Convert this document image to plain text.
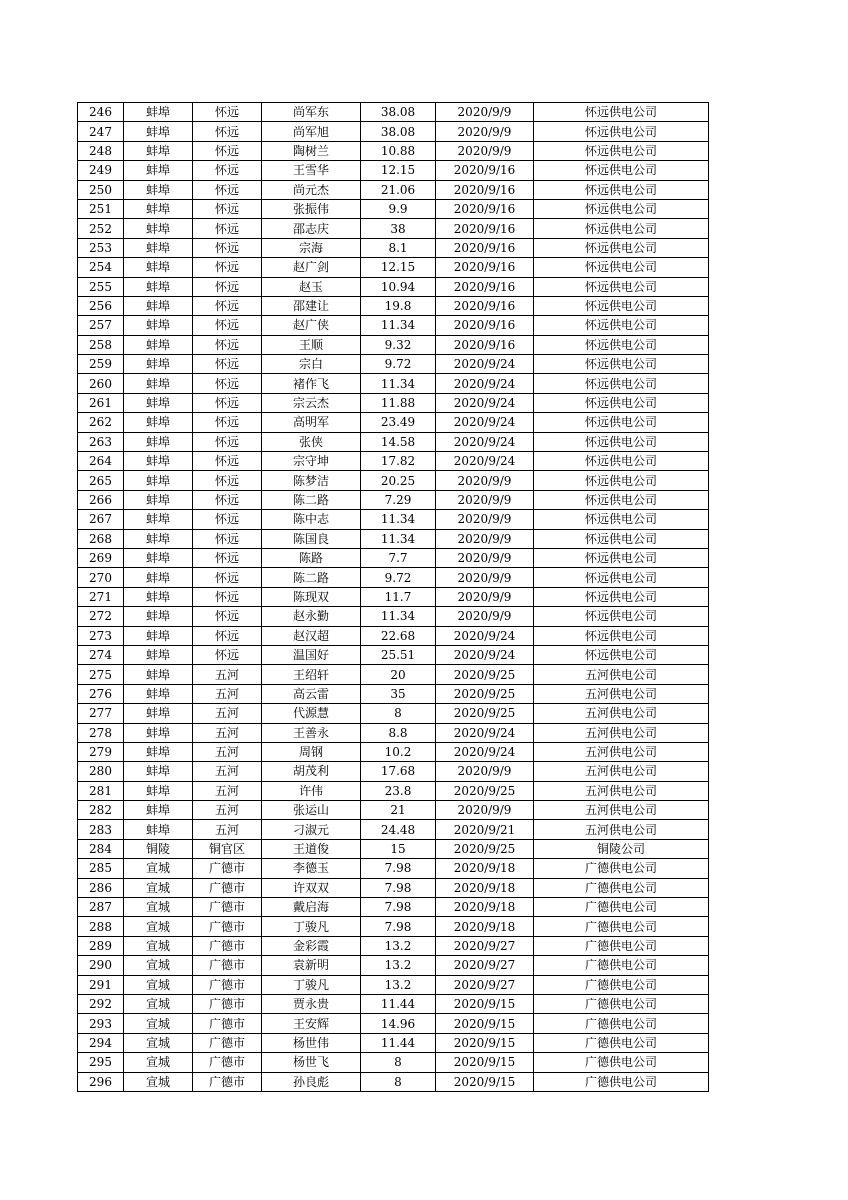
246	蚌埠	怀远	尚军东	38.08	2020/9/9	怀远供电公司
247	蚌埠	怀远	尚军旭	38.08	2020/9/9	怀远供电公司
248	蚌埠	怀远	陶树兰	10.88	2020/9/9	怀远供电公司
249	蚌埠	怀远	王雪华	12.15	2020/9/16	怀远供电公司
250	蚌埠	怀远	尚元杰	21.06	2020/9/16	怀远供电公司
251	蚌埠	怀远	张振伟	9.9	2020/9/16	怀远供电公司
252	蚌埠	怀远	邵志庆	38	2020/9/16	怀远供电公司
253	蚌埠	怀远	宗海	8.1	2020/9/16	怀远供电公司
254	蚌埠	怀远	赵广剑	12.15	2020/9/16	怀远供电公司
255	蚌埠	怀远	赵玉	10.94	2020/9/16	怀远供电公司
256	蚌埠	怀远	邵建让	19.8	2020/9/16	怀远供电公司
257	蚌埠	怀远	赵广侠	11.34	2020/9/16	怀远供电公司
258	蚌埠	怀远	王顺	9.32	2020/9/16	怀远供电公司
259	蚌埠	怀远	宗白	9.72	2020/9/24	怀远供电公司
260	蚌埠	怀远	褚作飞	11.34	2020/9/24	怀远供电公司
261	蚌埠	怀远	宗云杰	11.88	2020/9/24	怀远供电公司
262	蚌埠	怀远	高明军	23.49	2020/9/24	怀远供电公司
263	蚌埠	怀远	张侠	14.58	2020/9/24	怀远供电公司
264	蚌埠	怀远	宗守坤	17.82	2020/9/24	怀远供电公司
265	蚌埠	怀远	陈梦洁	20.25	2020/9/9	怀远供电公司
266	蚌埠	怀远	陈二路	7.29	2020/9/9	怀远供电公司
267	蚌埠	怀远	陈中志	11.34	2020/9/9	怀远供电公司
268	蚌埠	怀远	陈国良	11.34	2020/9/9	怀远供电公司
269	蚌埠	怀远	陈路	7.7	2020/9/9	怀远供电公司
270	蚌埠	怀远	陈二路	9.72	2020/9/9	怀远供电公司
271	蚌埠	怀远	陈现双	11.7	2020/9/9	怀远供电公司
272	蚌埠	怀远	赵永勤	11.34	2020/9/9	怀远供电公司
273	蚌埠	怀远	赵汉超	22.68	2020/9/24	怀远供电公司
274	蚌埠	怀远	温国好	25.51	2020/9/24	怀远供电公司
275	蚌埠	五河	王绍轩	20	2020/9/25	五河供电公司
276	蚌埠	五河	高云雷	35	2020/9/25	五河供电公司
277	蚌埠	五河	代源慧	8	2020/9/25	五河供电公司
278	蚌埠	五河	王善永	8.8	2020/9/24	五河供电公司
279	蚌埠	五河	周钢	10.2	2020/9/24	五河供电公司
280	蚌埠	五河	胡茂利	17.68	2020/9/9	五河供电公司
281	蚌埠	五河	许伟	23.8	2020/9/25	五河供电公司
282	蚌埠	五河	张运山	21	2020/9/9	五河供电公司
283	蚌埠	五河	刁淑元	24.48	2020/9/21	五河供电公司
284	铜陵	铜官区	王道俊	15	2020/9/25	铜陵公司
285	宣城	广德市	李德玉	7.98	2020/9/18	广德供电公司
286	宣城	广德市	许双双	7.98	2020/9/18	广德供电公司
287	宣城	广德市	戴启海	7.98	2020/9/18	广德供电公司
288	宣城	广德市	丁骏凡	7.98	2020/9/18	广德供电公司
289	宣城	广德市	金彩霞	13.2	2020/9/27	广德供电公司
290	宣城	广德市	袁新明	13.2	2020/9/27	广德供电公司
291	宣城	广德市	丁骏凡	13.2	2020/9/27	广德供电公司
292	宣城	广德市	贾永贵	11.44	2020/9/15	广德供电公司
293	宣城	广德市	王安辉	14.96	2020/9/15	广德供电公司
294	宣城	广德市	杨世伟	11.44	2020/9/15	广德供电公司
295	宣城	广德市	杨世飞	8	2020/9/15	广德供电公司
296	宣城	广德市	孙良彪	8	2020/9/15	广德供电公司
